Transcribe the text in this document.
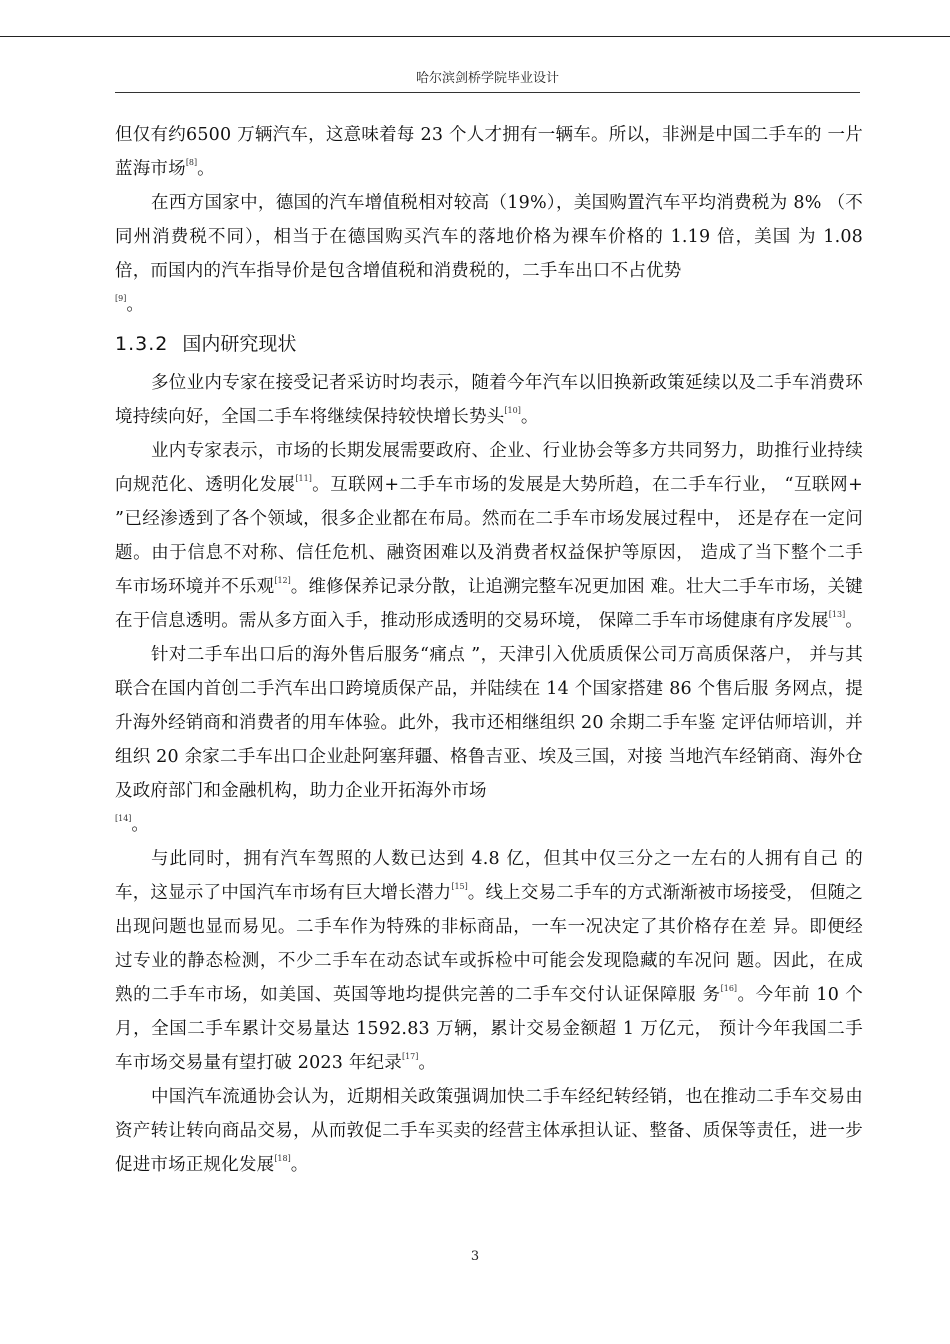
哈尔滨剑桥学院毕业设计

但仅有约6500 万辆汽车，这意味着每 23 个人才拥有一辆车。所以，非洲是中国二手车的 一片蓝海市场[8]。

在西方国家中，德国的汽车增值税相对较高（19%），美国购置汽车平均消费税为 8% （不同州消费税不同），相当于在德国购买汽车的落地价格为裸车价格的 1.19 倍，美国 为 1.08 倍，而国内的汽车指导价是包含增值税和消费税的，二手车出口不占优势
[9]。

1.3.2 国内研究现状

多位业内专家在接受记者采访时均表示，随着今年汽车以旧换新政策延续以及二手车消费环境持续向好，全国二手车将继续保持较快增长势头[10]。

业内专家表示，市场的长期发展需要政府、企业、行业协会等多方共同努力，助推行业持续向规范化、透明化发展[11]。互联网+二手车市场的发展是大势所趋，在二手车行业， “互联网+ ”已经渗透到了各个领域，很多企业都在布局。然而在二手车市场发展过程中， 还是存在一定问题。由于信息不对称、信任危机、融资困难以及消费者权益保护等原因， 造成了当下整个二手车市场环境并不乐观[12]。维修保养记录分散，让追溯完整车况更加困 难。壮大二手车市场，关键在于信息透明。需从多方面入手，推动形成透明的交易环境， 保障二手车市场健康有序发展[13]。

针对二手车出口后的海外售后服务“痛点 ”，天津引入优质质保公司万高质保落户， 并与其联合在国内首创二手汽车出口跨境质保产品，并陆续在 14 个国家搭建 86 个售后服 务网点，提升海外经销商和消费者的用车体验。此外，我市还相继组织 20 余期二手车鉴 定评估师培训，并组织 20 余家二手车出口企业赴阿塞拜疆、格鲁吉亚、埃及三国，对接 当地汽车经销商、海外仓及政府部门和金融机构，助力企业开拓海外市场
[14]。

与此同时，拥有汽车驾照的人数已达到 4.8 亿，但其中仅三分之一左右的人拥有自己 的车，这显示了中国汽车市场有巨大增长潜力[15]。线上交易二手车的方式渐渐被市场接受， 但随之出现问题也显而易见。二手车作为特殊的非标商品，一车一况决定了其价格存在差 异。即便经过专业的静态检测，不少二手车在动态试车或拆检中可能会发现隐藏的车况问 题。因此，在成熟的二手车市场，如美国、英国等地均提供完善的二手车交付认证保障服 务[16]。今年前 10 个月，全国二手车累计交易量达 1592.83 万辆，累计交易金额超 1 万亿元， 预计今年我国二手车市场交易量有望打破 2023 年纪录[17]。

中国汽车流通协会认为，近期相关政策强调加快二手车经纪转经销，也在推动二手车交易由资产转让转向商品交易，从而敦促二手车买卖的经营主体承担认证、整备、质保等责任，进一步促进市场正规化发展[18]。

3
